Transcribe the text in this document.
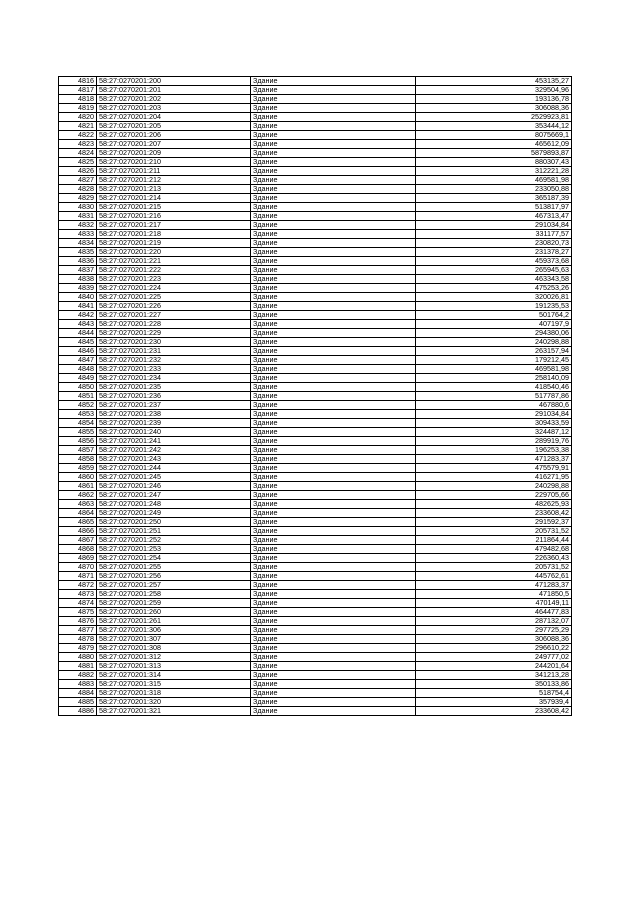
4816	58:27:0270201:200	Здание	453135,27
4817	58:27:0270201:201	Здание	329504,96
4818	58:27:0270201:202	Здание	193136,78
4819	58:27:0270201:203	Здание	306088,36
4820	58:27:0270201:204	Здание	2529923,81
4821	58:27:0270201:205	Здание	353444,12
4822	58:27:0270201:206	Здание	8075669,1
4823	58:27:0270201:207	Здание	465612,09
4824	58:27:0270201:209	Здание	5879893,87
4825	58:27:0270201:210	Здание	880307,43
4826	58:27:0270201:211	Здание	312221,28
4827	58:27:0270201:212	Здание	469581,98
4828	58:27:0270201:213	Здание	233050,88
4829	58:27:0270201:214	Здание	365187,39
4830	58:27:0270201:215	Здание	513817,97
4831	58:27:0270201:216	Здание	467313,47
4832	58:27:0270201:217	Здание	291034,84
4833	58:27:0270201:218	Здание	331177,57
4834	58:27:0270201:219	Здание	230820,73
4835	58:27:0270201:220	Здание	231378,27
4836	58:27:0270201:221	Здание	459373,68
4837	58:27:0270201:222	Здание	265945,63
4838	58:27:0270201:223	Здание	463343,58
4839	58:27:0270201:224	Здание	475253,26
4840	58:27:0270201:225	Здание	320026,81
4841	58:27:0270201:226	Здание	191235,53
4842	58:27:0270201:227	Здание	501764,2
4843	58:27:0270201:228	Здание	407197,9
4844	58:27:0270201:229	Здание	294380,06
4845	58:27:0270201:230	Здание	240298,88
4846	58:27:0270201:231	Здание	263157,94
4847	58:27:0270201:232	Здание	179212,45
4848	58:27:0270201:233	Здание	469581,98
4849	58:27:0270201:234	Здание	258140,09
4850	58:27:0270201:235	Здание	418540,46
4851	58:27:0270201:236	Здание	517787,86
4852	58:27:0270201:237	Здание	467880,6
4853	58:27:0270201:238	Здание	291034,84
4854	58:27:0270201:239	Здание	309433,59
4855	58:27:0270201:240	Здание	324487,12
4856	58:27:0270201:241	Здание	289919,76
4857	58:27:0270201:242	Здание	196253,38
4858	58:27:0270201:243	Здание	471283,37
4859	58:27:0270201:244	Здание	475579,91
4860	58:27:0270201:245	Здание	416271,95
4861	58:27:0270201:246	Здание	240298,88
4862	58:27:0270201:247	Здание	229705,66
4863	58:27:0270201:248	Здание	482625,93
4864	58:27:0270201:249	Здание	233608,42
4865	58:27:0270201:250	Здание	291592,37
4866	58:27:0270201:251	Здание	205731,52
4867	58:27:0270201:252	Здание	211864,44
4868	58:27:0270201:253	Здание	479482,68
4869	58:27:0270201:254	Здание	226360,43
4870	58:27:0270201:255	Здание	205731,52
4871	58:27:0270201:256	Здание	445762,61
4872	58:27:0270201:257	Здание	471283,37
4873	58:27:0270201:258	Здание	471850,5
4874	58:27:0270201:259	Здание	470149,11
4875	58:27:0270201:260	Здание	464477,83
4876	58:27:0270201:261	Здание	287132,07
4877	58:27:0270201:306	Здание	297725,29
4878	58:27:0270201:307	Здание	306088,36
4879	58:27:0270201:308	Здание	296610,22
4880	58:27:0270201:312	Здание	249777,02
4881	58:27:0270201:313	Здание	244201,64
4882	58:27:0270201:314	Здание	341213,28
4883	58:27:0270201:315	Здание	350133,86
4884	58:27:0270201:318	Здание	518754,4
4885	58:27:0270201:320	Здание	357939,4
4886	58:27:0270201:321	Здание	233608,42
